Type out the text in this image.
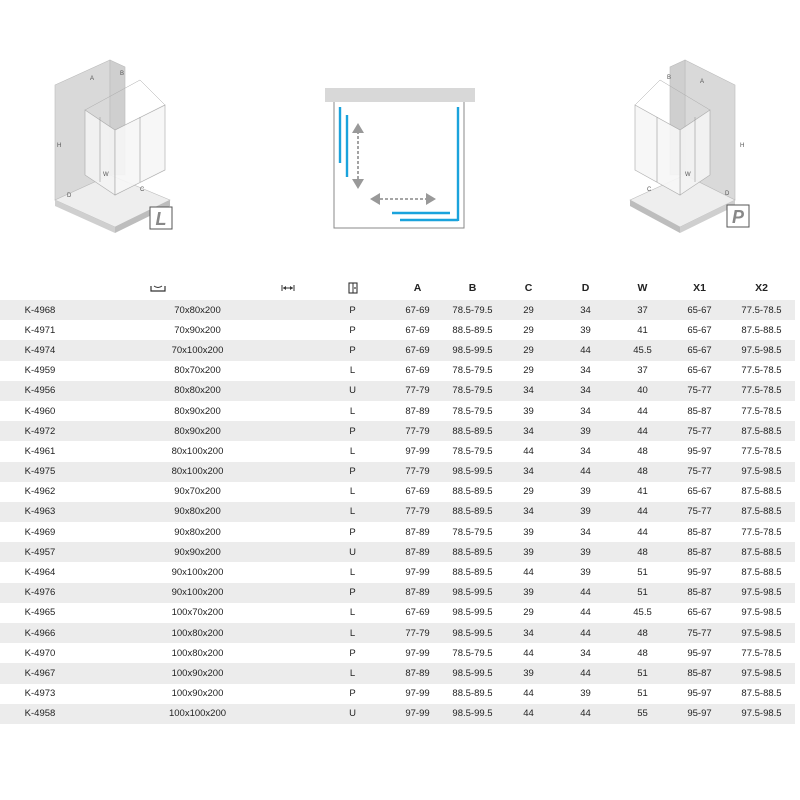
A
B
H
D
W
C
L
B
A
H
C
W
D
P
			A	B	C	D	W	X1	X2
K-4968	70x80x200	P	67-69	78.5-79.5	29	34	37	65-67	77.5-78.5
K-4971	70x90x200	P	67-69	88.5-89.5	29	39	41	65-67	87.5-88.5
K-4974	70x100x200	P	67-69	98.5-99.5	29	44	45.5	65-67	97.5-98.5
K-4959	80x70x200	L	67-69	78.5-79.5	29	34	37	65-67	77.5-78.5
K-4956	80x80x200	U	77-79	78.5-79.5	34	34	40	75-77	77.5-78.5
K-4960	80x90x200	L	87-89	78.5-79.5	39	34	44	85-87	77.5-78.5
K-4972	80x90x200	P	77-79	88.5-89.5	34	39	44	75-77	87.5-88.5
K-4961	80x100x200	L	97-99	78.5-79.5	44	34	48	95-97	77.5-78.5
K-4975	80x100x200	P	77-79	98.5-99.5	34	44	48	75-77	97.5-98.5
K-4962	90x70x200	L	67-69	88.5-89.5	29	39	41	65-67	87.5-88.5
K-4963	90x80x200	L	77-79	88.5-89.5	34	39	44	75-77	87.5-88.5
K-4969	90x80x200	P	87-89	78.5-79.5	39	34	44	85-87	77.5-78.5
K-4957	90x90x200	U	87-89	88.5-89.5	39	39	48	85-87	87.5-88.5
K-4964	90x100x200	L	97-99	88.5-89.5	44	39	51	95-97	87.5-88.5
K-4976	90x100x200	P	87-89	98.5-99.5	39	44	51	85-87	97.5-98.5
K-4965	100x70x200	L	67-69	98.5-99.5	29	44	45.5	65-67	97.5-98.5
K-4966	100x80x200	L	77-79	98.5-99.5	34	44	48	75-77	97.5-98.5
K-4970	100x80x200	P	97-99	78.5-79.5	44	34	48	95-97	77.5-78.5
K-4967	100x90x200	L	87-89	98.5-99.5	39	44	51	85-87	97.5-98.5
K-4973	100x90x200	P	97-99	88.5-89.5	44	39	51	95-97	87.5-88.5
K-4958	100x100x200	U	97-99	98.5-99.5	44	44	55	95-97	97.5-98.5
